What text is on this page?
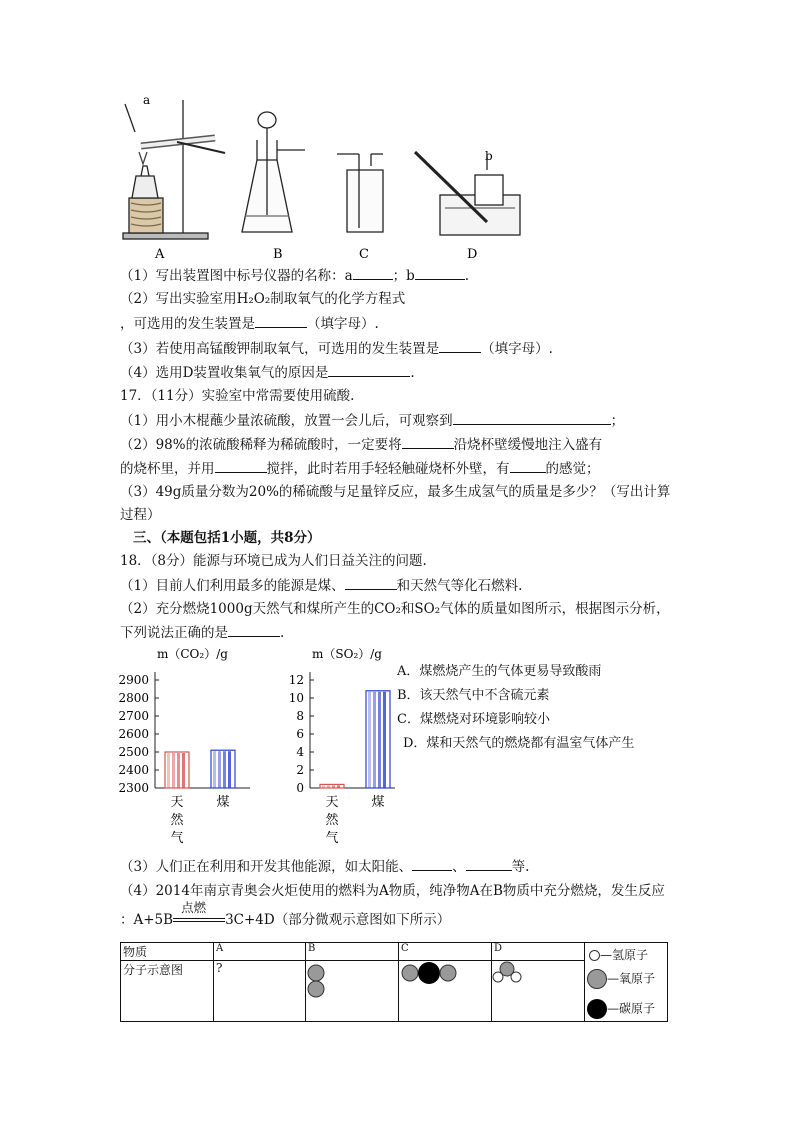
a
b
A	B	C	D
（1）写出装置图中标号仪器的名称：a	；b	.
（2）写出实验室用H₂O₂制取氧气的化学方程式
，可选用的发生装置是	（填字母）.
（3）若使用高锰酸钾制取氧气，可选用的发生装置是	（填字母）.
（4）选用D装置收集氧气的原因是	.
17．（11分）实验室中常需要使用硫酸.
（1）用小木棍蘸少量浓硫酸，放置一会儿后，可观察到	；
（2）98%的浓硫酸稀释为稀硫酸时，一定要将	沿烧杯壁缓慢地注入盛有
的烧杯里，并用	搅拌，此时若用手轻轻触碰烧杯外壁，有	的感觉；
（3）49g质量分数为20%的稀硫酸与足量锌反应，最多生成氢气的质量是多少？（写出计算
过程）
三、（本题包括1小题，共8分）
18．（8分）能源与环境已成为人们日益关注的问题.
（1）目前人们利用最多的能源是煤、	和天然气等化石燃料.
（2）充分燃烧1000g天然气和煤所产生的CO₂和SO₂气体的质量如图所示，根据图示分析，
下列说法正确的是	.
m（CO₂）/g
2900
2800
2700
2600
2500
2400
2300
天
然
气
煤
m（SO₂）/g
12
10
8
6
4
2
0
天
然
气
煤
A．煤燃烧产生的气体更易导致酸雨
B．该天然气中不含硫元素
C．煤燃烧对环境影响较小
D．煤和天然气的燃烧都有温室气体产生
（3）人们正在利用和开发其他能源，如太阳能、	、	等.
（4）2014年南京青奥会火炬使用的燃料为A物质，纯净物A在B物质中充分燃烧，发生反应
：A+5B
点燃
3C+4D（部分微观示意图如下所示）
物质	A	B	C	D	—氢原子
—氧原子
—碳原子

分子示意图	?	
